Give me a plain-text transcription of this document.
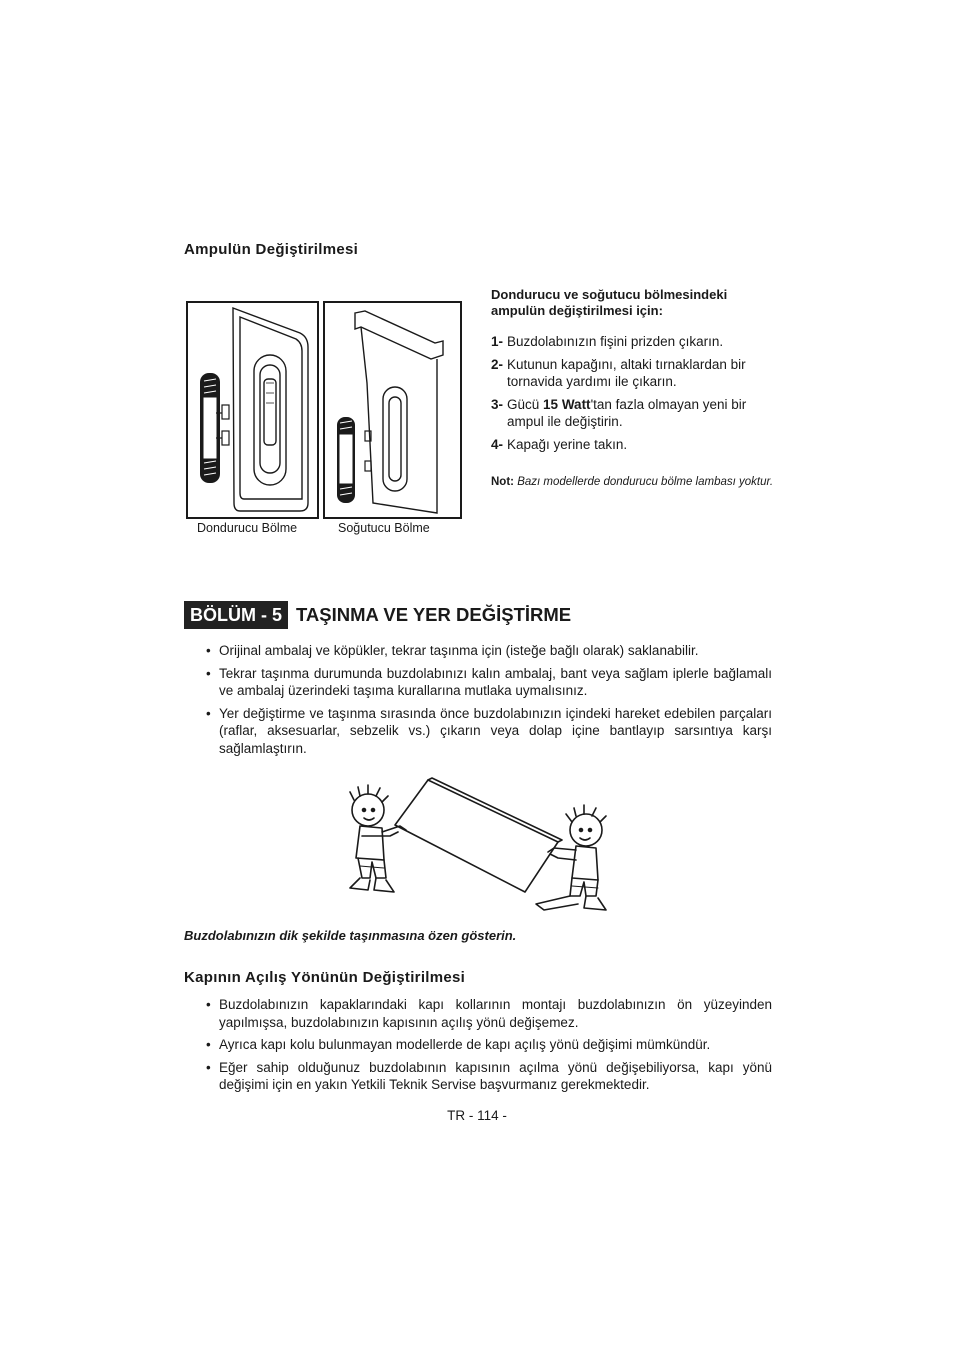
Ampulün Değiştirilmesi
Dondurucu Bölme	Soğutucu Bölme
Dondurucu ve soğutucu bölmesindeki ampulün değiştirilmesi için:
1- Buzdolabınızın fişini prizden çıkarın.
2- Kutunun kapağını, altaki tırnaklardan bir tornavida yardımı ile çıkarın.
3- Gücü 15 Watt'tan fazla olmayan yeni bir ampul ile değiştirin.
4- Kapağı yerine takın.
Not: Bazı modellerde dondurucu bölme lambası yoktur.
BÖLÜM - 5 TAŞINMA VE YER DEĞİŞTİRME
• Orijinal ambalaj ve köpükler, tekrar taşınma için (isteğe bağlı olarak) saklanabilir.
• Tekrar taşınma durumunda buzdolabınızı kalın ambalaj, bant veya sağlam iplerle bağlamalı ve ambalaj üzerindeki taşıma kurallarına mutlaka uymalısınız.
• Yer değiştirme ve taşınma sırasında önce buzdolabınızın içindeki hareket edebilen parçaları (raflar, aksesuarlar, sebzelik vs.) çıkarın veya dolap içine bantlayıp sarsıntıya karşı sağlamlaştırın.
Buzdolabınızın dik şekilde taşınmasına özen gösterin.
Kapının Açılış Yönünün Değiştirilmesi
• Buzdolabınızın kapaklarındaki kapı kollarının montajı buzdolabınızın ön yüzeyinden yapılmışsa, buzdolabınızın kapısının açılış yönü değişemez.
• Ayrıca kapı kolu bulunmayan modellerde de kapı açılış yönü değişimi mümkündür.
• Eğer sahip olduğunuz buzdolabının kapısının açılma yönü değişebiliyorsa, kapı yönü değişimi için en yakın Yetkili Teknik Servise başvurmanız gerekmektedir.
TR - 114 -
